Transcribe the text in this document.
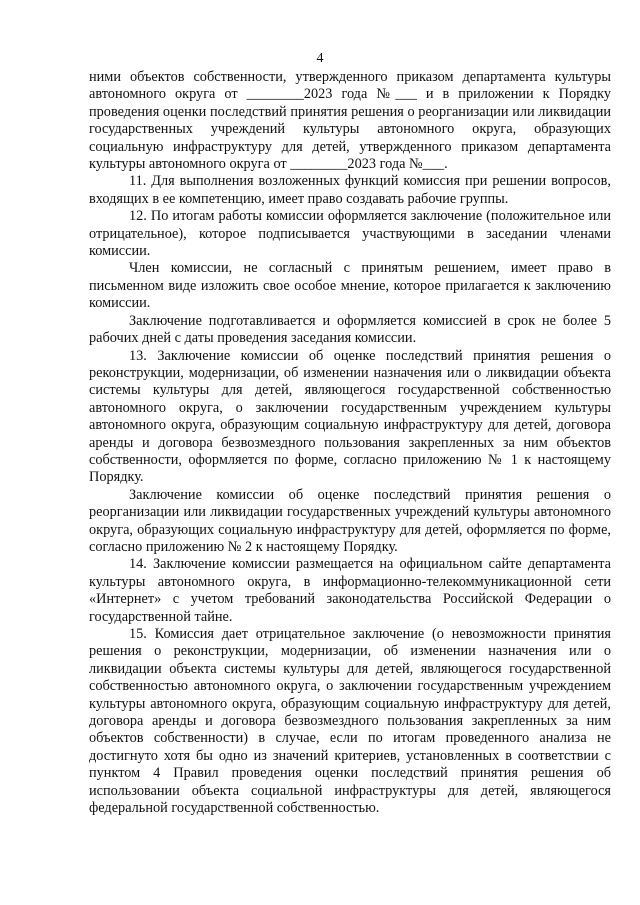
4

ними объектов собственности, утвержденного приказом департамента культуры автономного округа от ________2023 года №___ и в приложении к Порядку проведения оценки последствий принятия решения о реорганизации или ликвидации государственных учреждений культуры автономного округа, образующих социальную инфраструктуру для детей, утвержденного приказом департамента культуры автономного округа от ________2023 года №___.

11. Для выполнения возложенных функций комиссия при решении вопросов, входящих в ее компетенцию, имеет право создавать рабочие группы.

12. По итогам работы комиссии оформляется заключение (положительное или отрицательное), которое подписывается участвующими в заседании членами комиссии.

Член комиссии, не согласный с принятым решением, имеет право в письменном виде изложить свое особое мнение, которое прилагается к заключению комиссии.

Заключение подготавливается и оформляется комиссией в срок не более 5 рабочих дней с даты проведения заседания комиссии.

13. Заключение комиссии об оценке последствий принятия решения о реконструкции, модернизации, об изменении назначения или о ликвидации объекта системы культуры для детей, являющегося государственной собственностью автономного округа, о заключении государственным учреждением культуры автономного округа, образующим социальную инфраструктуру для детей, договора аренды и договора безвозмездного пользования закрепленных за ним объектов собственности, оформляется по форме, согласно приложению № 1 к настоящему Порядку.

Заключение комиссии об оценке последствий принятия решения о реорганизации или ликвидации государственных учреждений культуры автономного округа, образующих социальную инфраструктуру для детей, оформляется по форме, согласно приложению № 2 к настоящему Порядку.

14. Заключение комиссии размещается на официальном сайте департамента культуры автономного округа, в информационно-телекоммуникационной сети «Интернет» с учетом требований законодательства Российской Федерации о государственной тайне.

15. Комиссия дает отрицательное заключение (о невозможности принятия решения о реконструкции, модернизации, об изменении назначения или о ликвидации объекта системы культуры для детей, являющегося государственной собственностью автономного округа, о заключении государственным учреждением культуры автономного округа, образующим социальную инфраструктуру для детей, договора аренды и договора безвозмездного пользования закрепленных за ним объектов собственности) в случае, если по итогам проведенного анализа не достигнуто хотя бы одно из значений критериев, установленных в соответствии с пунктом 4 Правил проведения оценки последствий принятия решения об использовании объекта социальной инфраструктуры для детей, являющегося федеральной государственной собственностью.
